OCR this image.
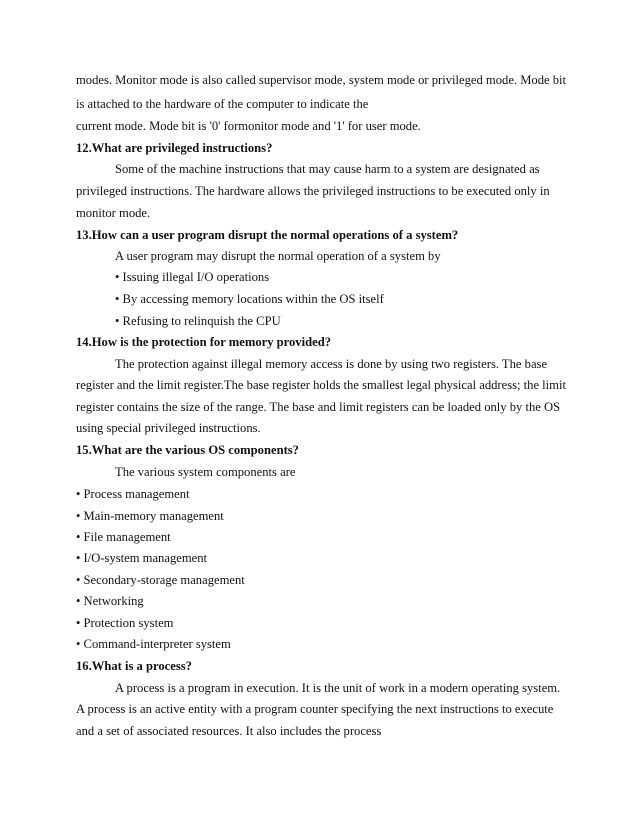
modes. Monitor mode is also called supervisor mode, system mode or privileged mode. Mode bit
is attached to the hardware of the computer to indicate the
current mode. Mode bit is '0' formonitor mode and '1' for user mode.
12.What are privileged instructions?
Some of the machine instructions that may cause harm to a system are designated as
privileged instructions. The hardware allows the privileged instructions to be executed only in
monitor mode.
13.How can a user program disrupt the normal operations of a system?
A user program may disrupt the normal operation of a system by
• Issuing illegal I/O operations
• By accessing memory locations within the OS itself
• Refusing to relinquish the CPU
14.How is the protection for memory provided?
The protection against illegal memory access is done by using two registers. The base
register and the limit register.The base register holds the smallest legal physical address; the limit
register contains the size of the range. The base and limit registers can be loaded only by the OS
using special privileged instructions.
15.What are the various OS components?
The various system components are
• Process management
• Main-memory management
• File management
• I/O-system management
• Secondary-storage management
• Networking
• Protection system
• Command-interpreter system
16.What is a process?
A process is a program in execution. It is the unit of work in a modern operating system.
A process is an active entity with a program counter specifying the next instructions to execute
and a set of associated resources. It also includes the process
